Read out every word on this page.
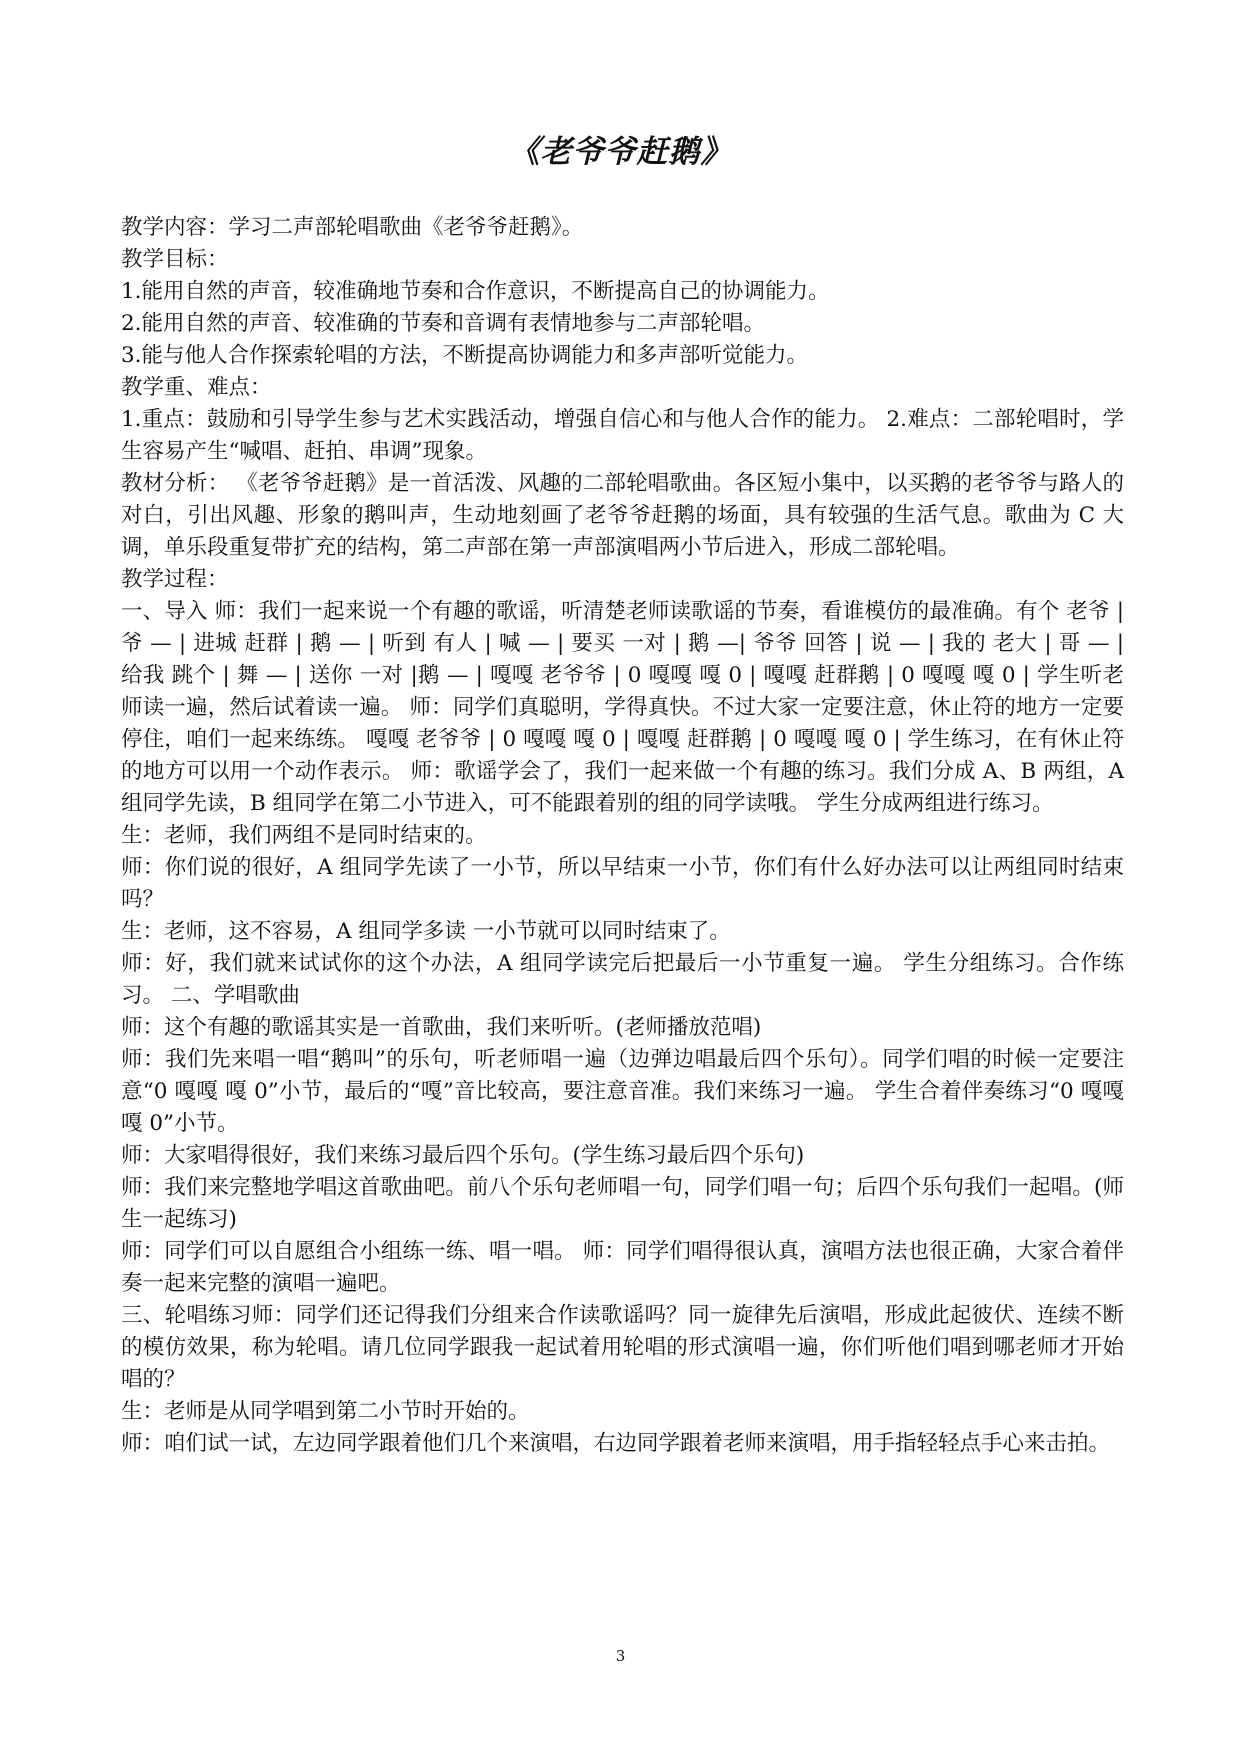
《老爷爷赶鹅》

教学内容：学习二声部轮唱歌曲《老爷爷赶鹅》。

教学目标：

1.能用自然的声音，较准确地节奏和合作意识，不断提高自己的协调能力。

2.能用自然的声音、较准确的节奏和音调有表情地参与二声部轮唱。

3.能与他人合作探索轮唱的方法，不断提高协调能力和多声部听觉能力。

教学重、难点：

1.重点：鼓励和引导学生参与艺术实践活动，增强自信心和与他人合作的能力。 2.难点：二部轮唱时，学生容易产生“喊唱、赶拍、串调”现象。

教材分析： 《老爷爷赶鹅》是一首活泼、风趣的二部轮唱歌曲。各区短小集中，以买鹅的老爷爷与路人的对白，引出风趣、形象的鹅叫声，生动地刻画了老爷爷赶鹅的场面，具有较强的生活气息。歌曲为 C 大调，单乐段重复带扩充的结构，第二声部在第一声部演唱两小节后进入，形成二部轮唱。

教学过程：

一、导入 师：我们一起来说一个有趣的歌谣，听清楚老师读歌谣的节奏，看谁模仿的最准确。有个 老爷 | 爷 — | 进城 赶群 | 鹅 — | 听到 有人 | 喊 — | 要买 一对 | 鹅 —| 爷爷 回答 | 说 — | 我的 老大 | 哥 — | 给我 跳个 | 舞 — | 送你 一对 |鹅 — | 嘎嘎 老爷爷 | 0 嘎嘎 嘎 0 | 嘎嘎 赶群鹅 | 0 嘎嘎 嘎 0 | 学生听老师读一遍，然后试着读一遍。 师：同学们真聪明，学得真快。不过大家一定要注意，休止符的地方一定要停住，咱们一起来练练。 嘎嘎 老爷爷 | 0 嘎嘎 嘎 0 | 嘎嘎 赶群鹅 | 0 嘎嘎 嘎 0 | 学生练习，在有休止符的地方可以用一个动作表示。 师：歌谣学会了，我们一起来做一个有趣的练习。我们分成 A、B 两组，A 组同学先读，B 组同学在第二小节进入，可不能跟着别的组的同学读哦。 学生分成两组进行练习。

生：老师，我们两组不是同时结束的。

师：你们说的很好，A 组同学先读了一小节，所以早结束一小节，你们有什么好办法可以让两组同时结束吗？

生：老师，这不容易，A 组同学多读 一小节就可以同时结束了。

师：好，我们就来试试你的这个办法，A 组同学读完后把最后一小节重复一遍。 学生分组练习。合作练习。 二、学唱歌曲

师：这个有趣的歌谣其实是一首歌曲，我们来听听。(老师播放范唱)

师：我们先来唱一唱“鹅叫”的乐句，听老师唱一遍（边弹边唱最后四个乐句）。同学们唱的时候一定要注意“0 嘎嘎 嘎 0”小节，最后的“嘎”音比较高，要注意音准。我们来练习一遍。 学生合着伴奏练习“0 嘎嘎 嘎 0”小节。

师：大家唱得很好，我们来练习最后四个乐句。(学生练习最后四个乐句)

师：我们来完整地学唱这首歌曲吧。前八个乐句老师唱一句，同学们唱一句；后四个乐句我们一起唱。(师生一起练习)

师：同学们可以自愿组合小组练一练、唱一唱。 师：同学们唱得很认真，演唱方法也很正确，大家合着伴奏一起来完整的演唱一遍吧。

三、轮唱练习师：同学们还记得我们分组来合作读歌谣吗？同一旋律先后演唱，形成此起彼伏、连续不断的模仿效果，称为轮唱。请几位同学跟我一起试着用轮唱的形式演唱一遍，你们听他们唱到哪老师才开始唱的？

生：老师是从同学唱到第二小节时开始的。

师：咱们试一试，左边同学跟着他们几个来演唱，右边同学跟着老师来演唱，用手指轻轻点手心来击拍。

3
